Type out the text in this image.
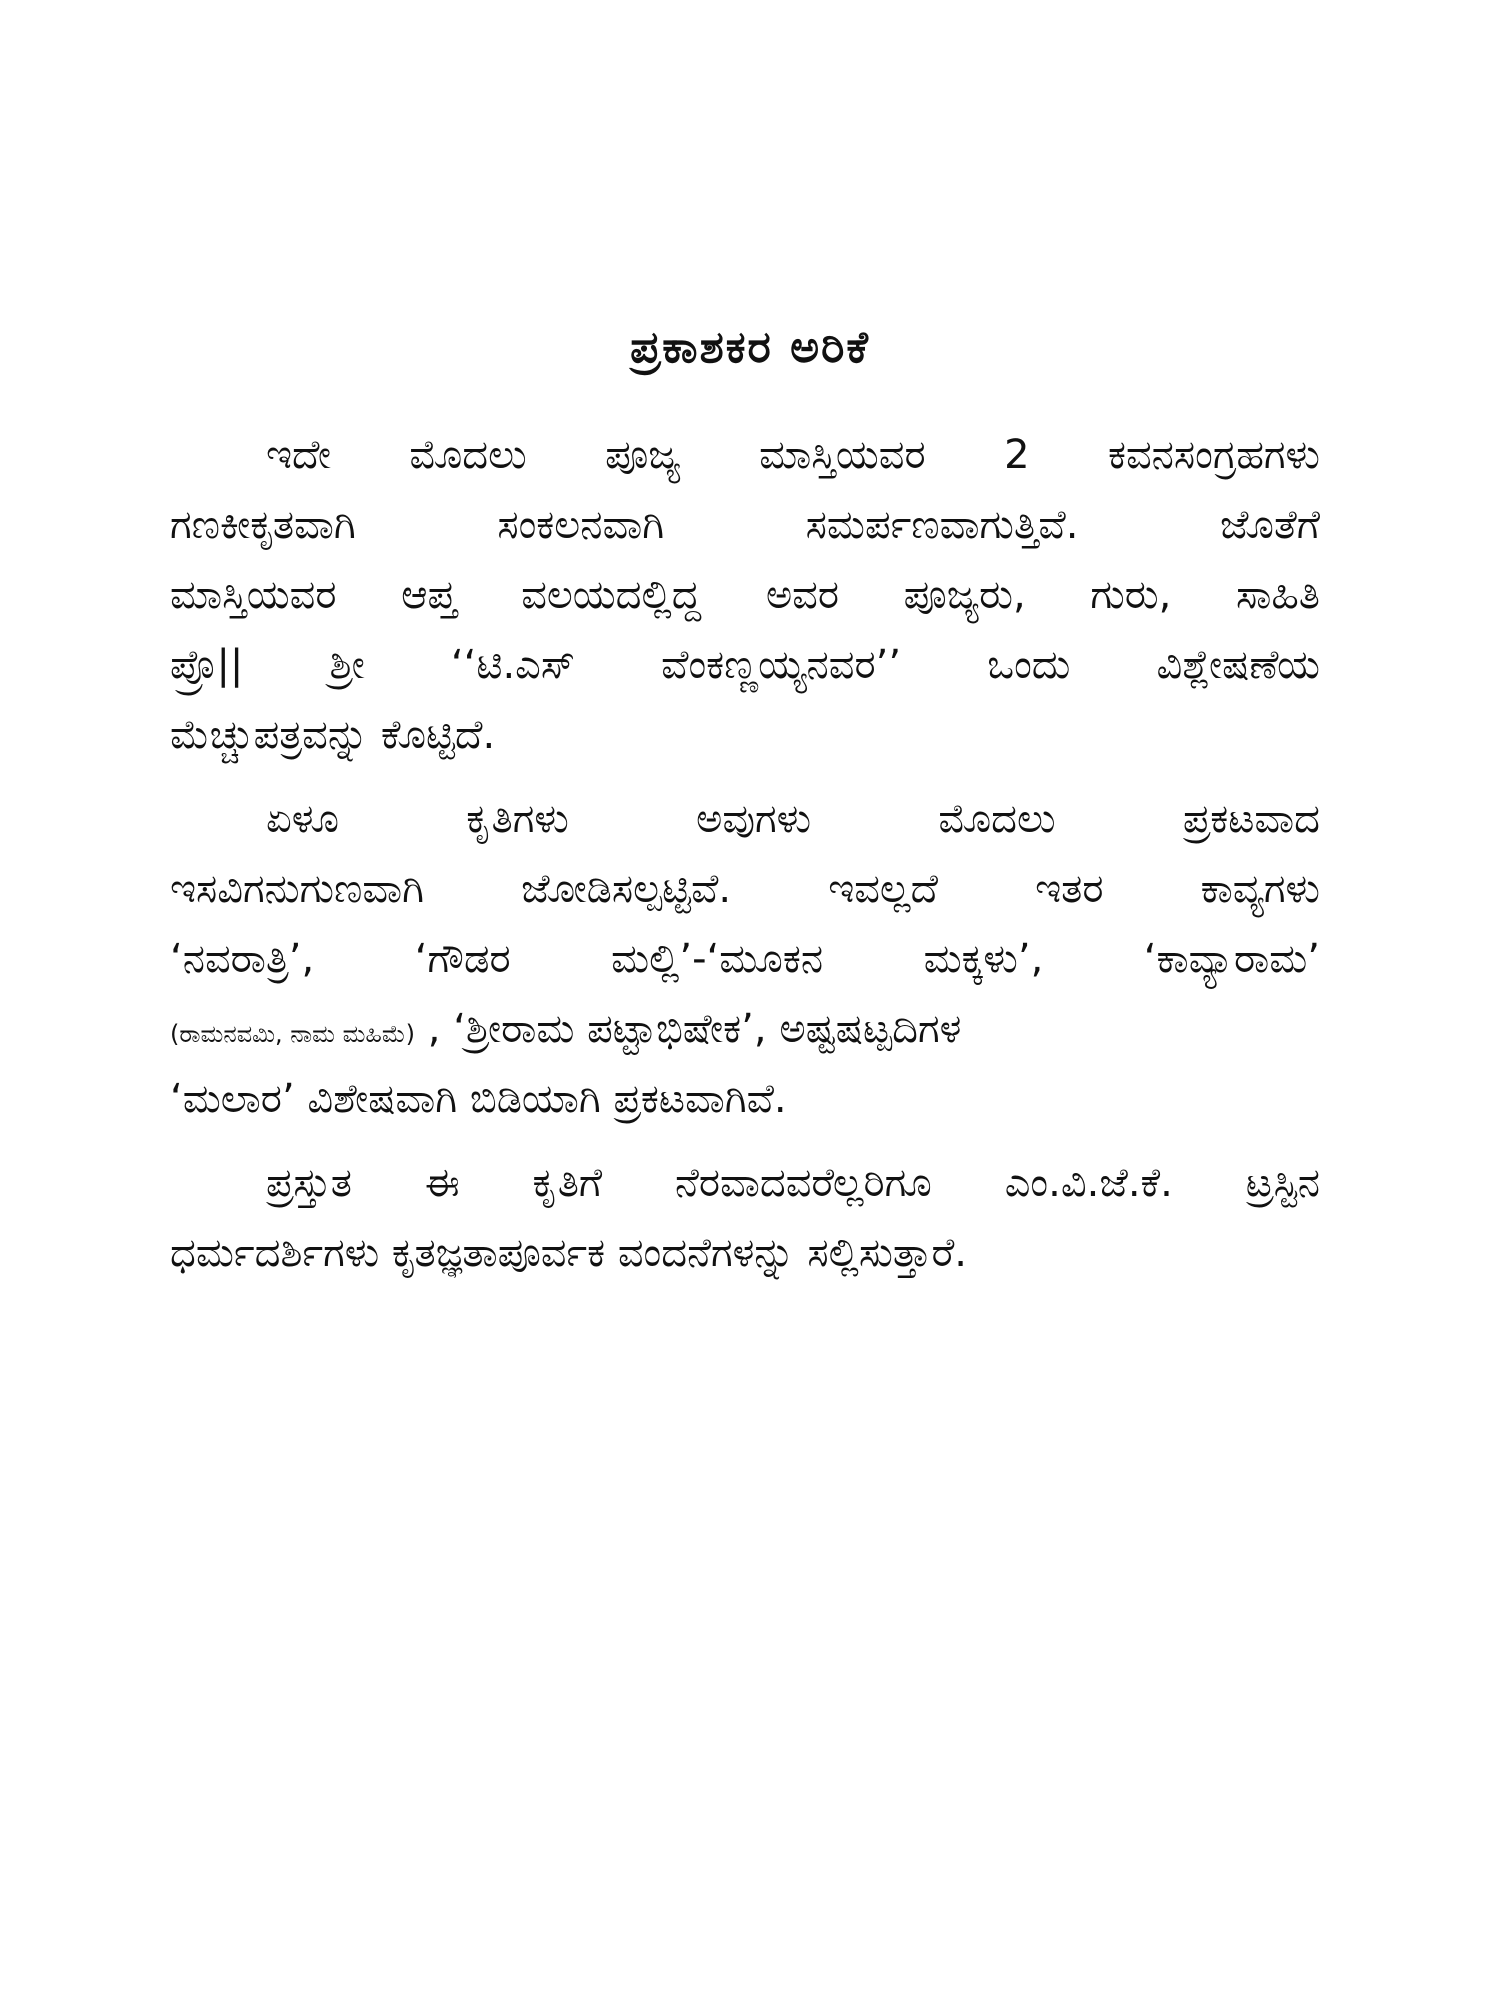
ಪ್ರಕಾಶಕರ ಅರಿಕೆ
ಇದೇ ಮೊದಲು ಪೂಜ್ಯ ಮಾಸ್ತಿಯವರ 2 ಕವನಸಂಗ್ರಹಗಳು
ಗಣಕೀಕೃತವಾಗಿ ಸಂಕಲನವಾಗಿ ಸಮರ್ಪಣವಾಗುತ್ತಿವೆ. ಜೊತೆಗೆ
ಮಾಸ್ತಿಯವರ ಆಪ್ತ ವಲಯದಲ್ಲಿದ್ದ ಅವರ ಪೂಜ್ಯರು, ಗುರು, ಸಾಹಿತಿ
ಪ್ರೊ|| ಶ್ರೀ ‘‘ಟಿ.ಎಸ್ ವೆಂಕಣ್ಣಯ್ಯನವರ’’ ಒಂದು ವಿಶ್ಲೇಷಣೆಯ
ಮೆಚ್ಚುಪತ್ರವನ್ನು ಕೊಟ್ಟಿದೆ.
ಏಳೂ ಕೃತಿಗಳು ಅವುಗಳು ಮೊದಲು ಪ್ರಕಟವಾದ
ಇಸವಿಗನುಗುಣವಾಗಿ ಜೋಡಿಸಲ್ಪಟ್ಟಿವೆ. ಇವಲ್ಲದೆ ಇತರ ಕಾವ್ಯಗಳು
‘ನವರಾತ್ರಿ’, ‘ಗೌಡರ ಮಲ್ಲಿ’-‘ಮೂಕನ ಮಕ್ಕಳು’, ‘ಕಾವ್ಯಾರಾಮ’
(ರಾಮನವಮಿ, ನಾಮ ಮಹಿಮೆ) , ‘ಶ್ರೀರಾಮ ಪಟ್ಟಾಭಿಷೇಕ’, ಅಷ್ಟಷಟ್ಪದಿಗಳ
‘ಮಲಾರ’ ವಿಶೇಷವಾಗಿ ಬಿಡಿಯಾಗಿ ಪ್ರಕಟವಾಗಿವೆ.
ಪ್ರಸ್ತುತ ಈ ಕೃತಿಗೆ ನೆರವಾದವರೆಲ್ಲರಿಗೂ ಎಂ.ವಿ.ಜೆ.ಕೆ. ಟ್ರಸ್ಟಿನ
ಧರ್ಮದರ್ಶಿಗಳು ಕೃತಜ್ಞತಾಪೂರ್ವಕ ವಂದನೆಗಳನ್ನು ಸಲ್ಲಿಸುತ್ತಾರೆ.
